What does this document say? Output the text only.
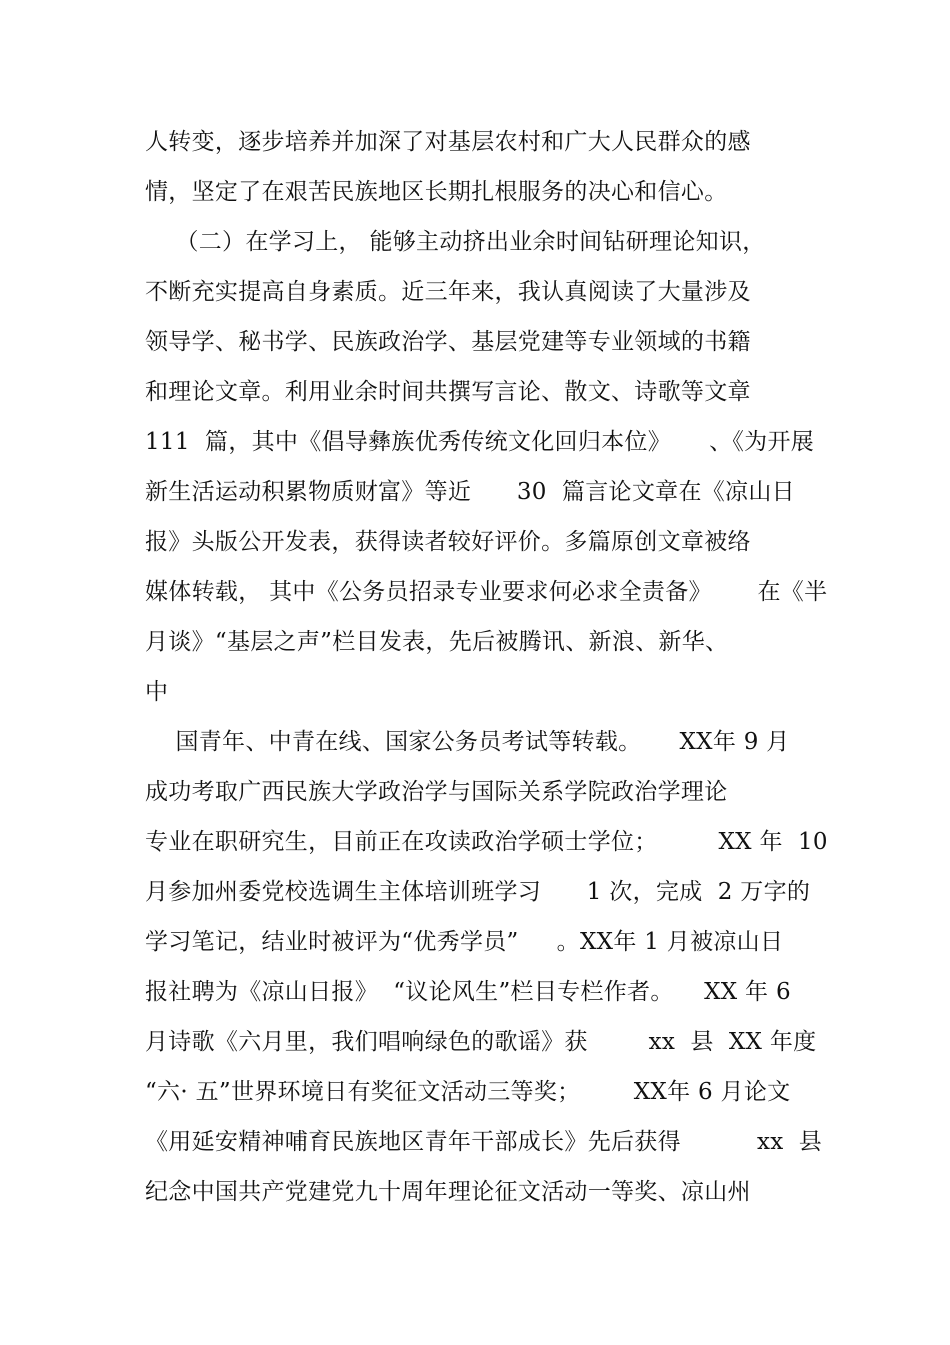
人转变，逐步培养并加深了对基层农村和广大人民群众的感
情，坚定了在艰苦民族地区长期扎根服务的决心和信心。
（二）在学习上， 能够主动挤出业余时间钻研理论知识，
不断充实提高自身素质。近三年来，我认真阅读了大量涉及
领导学、秘书学、民族政治学、基层党建等专业领域的书籍
和理论文章。利用业余时间共撰写言论、散文、诗歌等文章
111  篇，其中《倡导彝族优秀传统文化回归本位》     、《为开展
新生活运动积累物质财富》等近      30  篇言论文章在《凉山日
报》头版公开发表，获得读者较好评价。多篇原创文章被络
媒体转载， 其中《公务员招录专业要求何必求全责备》      在《半
月谈》“基层之声”栏目发表，先后被腾讯、新浪、新华、
中
国青年、中青在线、国家公务员考试等转载。     XX年 9 月
成功考取广西民族大学政治学与国际关系学院政治学理论
专业在职研究生，目前正在攻读政治学硕士学位；        XX 年  10
月参加州委党校选调生主体培训班学习      1 次，完成  2 万字的
学习笔记，结业时被评为“优秀学员”     。XX年 1 月被凉山日
报社聘为《凉山日报》  “议论风生”栏目专栏作者。    XX 年 6
月诗歌《六月里，我们唱响绿色的歌谣》获        xx  县  XX 年度
“六· 五”世界环境日有奖征文活动三等奖；       XX年 6 月论文
《用延安精神哺育民族地区青年干部成长》先后获得          xx  县
纪念中国共产党建党九十周年理论征文活动一等奖、凉山州
